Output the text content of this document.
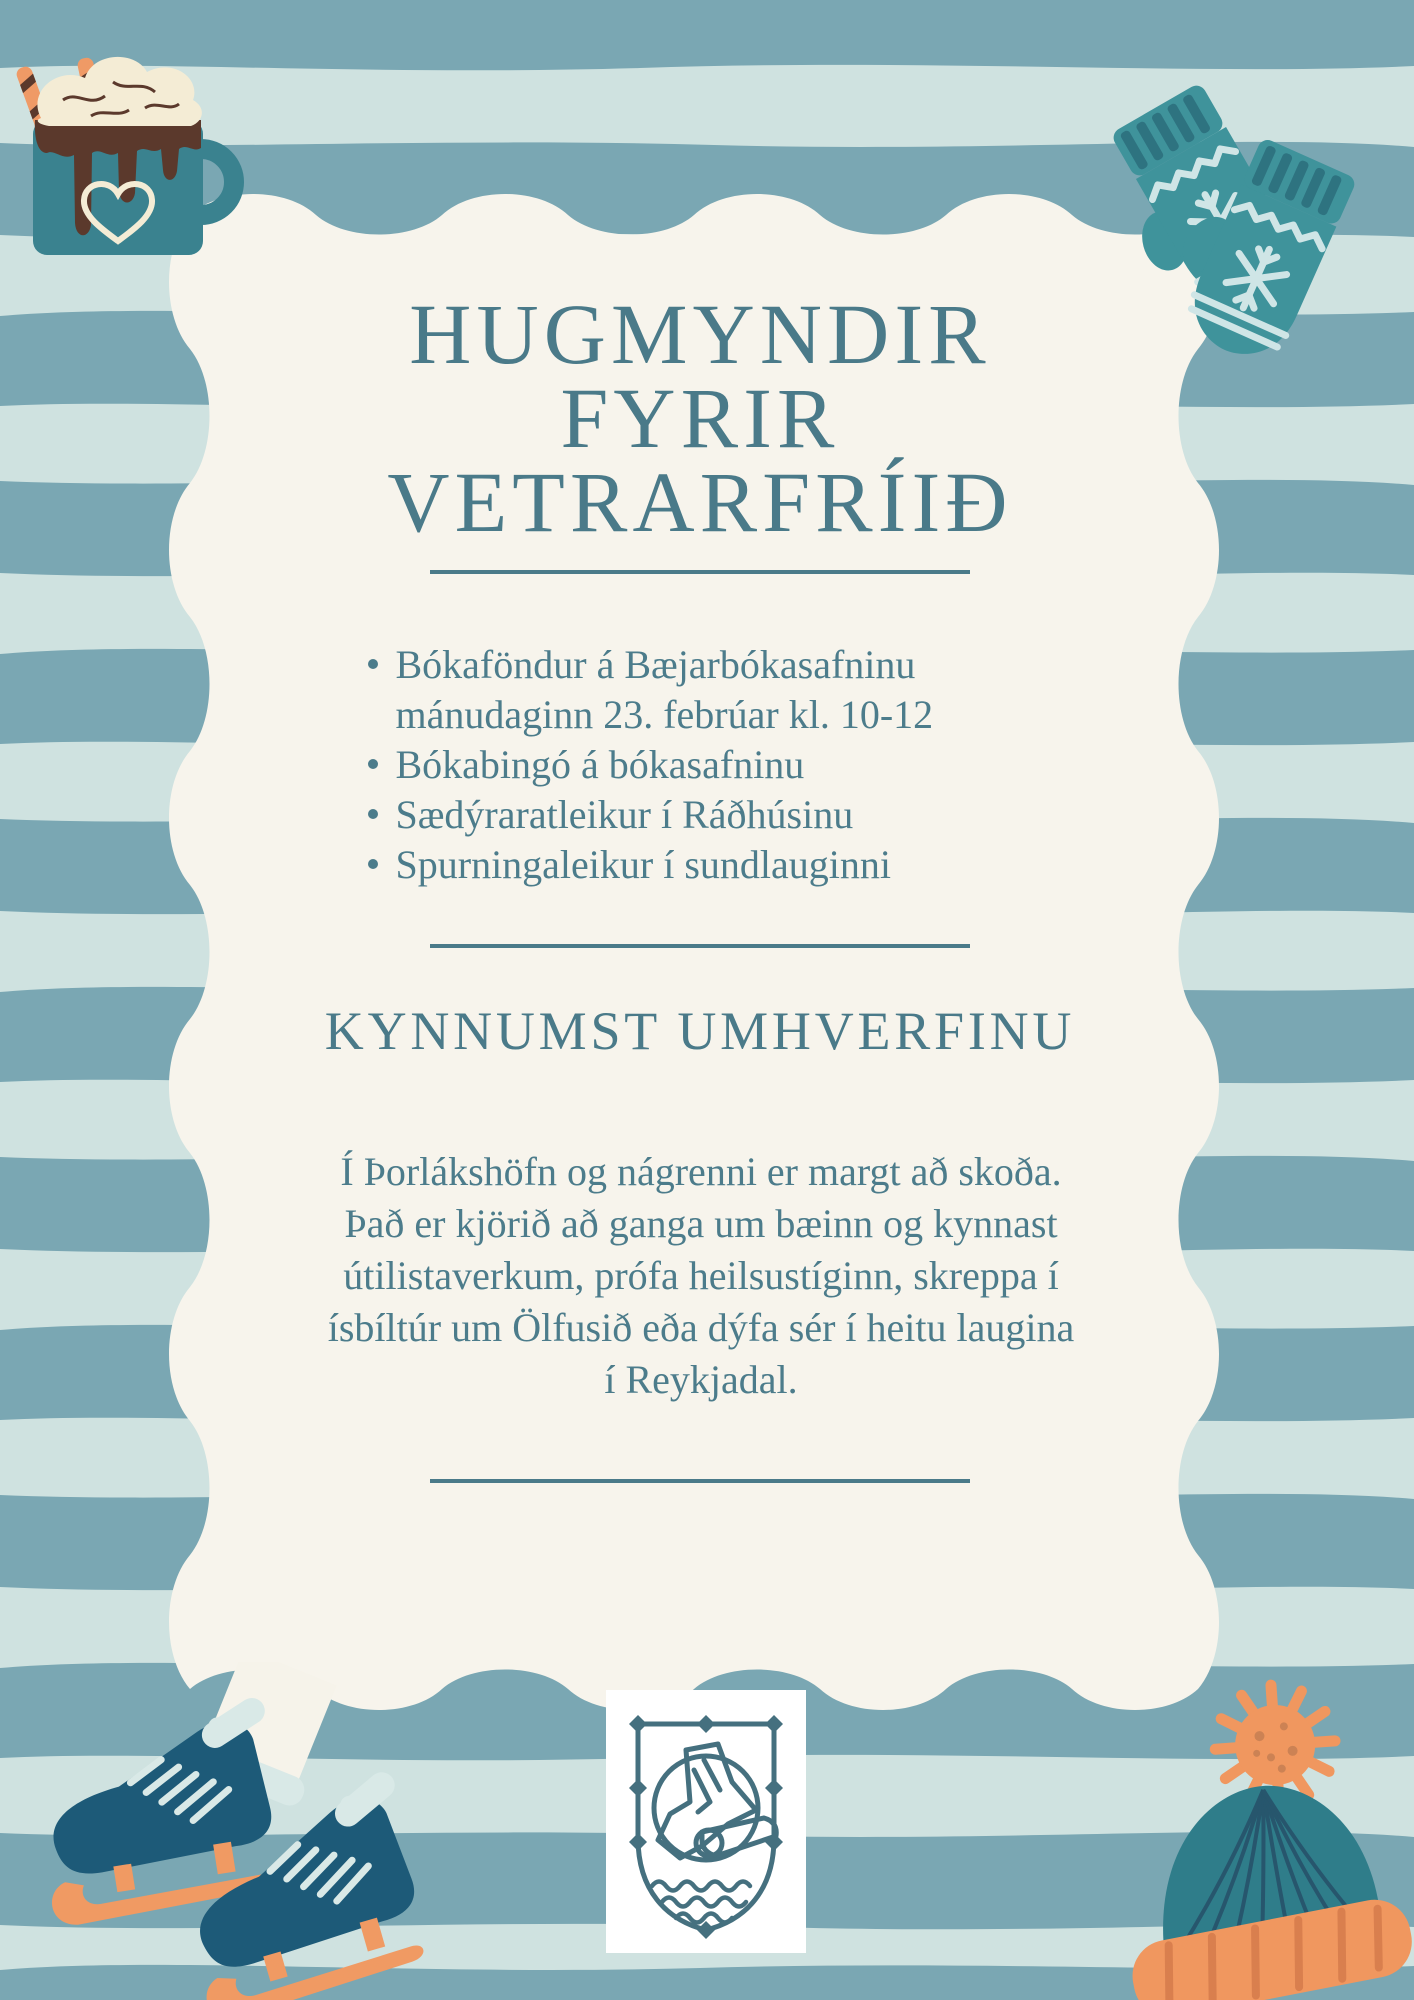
HUGMYNDIR
FYRIR
VETRARFRÍIÐ
Bókaföndur á Bæjarbókasafninu mánudaginn 23. febrúar kl. 10-12
Bókabingó á bókasafninu
Sædýraratleikur í Ráðhúsinu
Spurningaleikur í sundlauginni
KYNNUMST UMHVERFINU
Í Þorlákshöfn og nágrenni er margt að skoða. Það er kjörið að ganga um bæinn og kynnast útilistaverkum, prófa heilsustíginn, skreppa í ísbíltúr um Ölfusið eða dýfa sér í heitu laugina í Reykjadal.
